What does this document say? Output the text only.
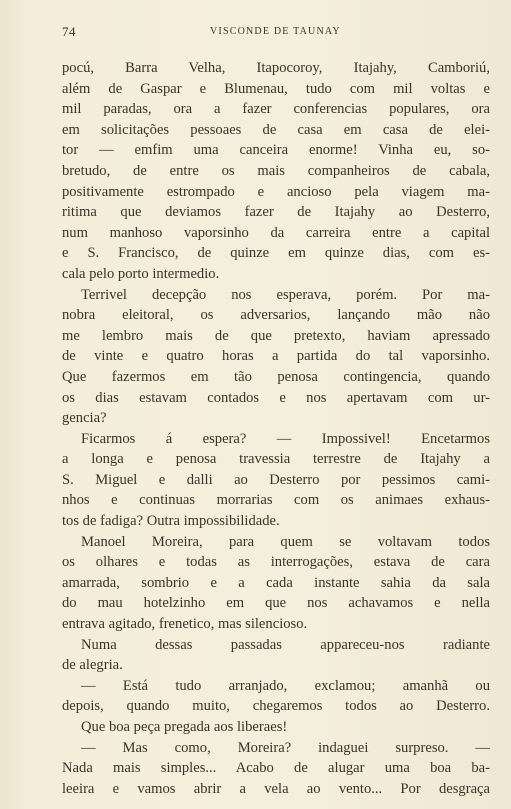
74	VISCONDE DE TAUNAY
pocú, Barra Velha, Itapocoroy, Itajahy, Camboriú,
além de Gaspar e Blumenau, tudo com mil voltas e
mil paradas, ora a fazer conferencias populares, ora
em solicitações pessoaes de casa em casa de elei-
tor — emfim uma canceira enorme! Vinha eu, so-
bretudo, de entre os mais companheiros de cabala,
positivamente estrompado e ancioso pela viagem ma-
ritima que deviamos fazer de Itajahy ao Desterro,
num manhoso vaporsinho da carreira entre a capital
e S. Francisco, de quinze em quinze dias, com es-
cala pelo porto intermedio.
Terrivel decepção nos esperava, porém. Por ma-
nobra eleitoral, os adversarios, lançando mão não
me lembro mais de que pretexto, haviam apressado
de vinte e quatro horas a partida do tal vaporsinho.
Que fazermos em tão penosa contingencia, quando
os dias estavam contados e nos apertavam com ur-
gencia?
Ficarmos á espera? — Impossivel! Encetarmos
a longa e penosa travessia terrestre de Itajahy a
S. Miguel e dalli ao Desterro por pessimos cami-
nhos e continuas morrarias com os animaes exhaus-
tos de fadiga? Outra impossibilidade.
Manoel Moreira, para quem se voltavam todos
os olhares e todas as interrogações, estava de cara
amarrada, sombrio e a cada instante sahia da sala
do mau hotelzinho em que nos achavamos e nella
entrava agitado, frenetico, mas silencioso.
Numa dessas passadas appareceu-nos radiante
de alegria.
— Está tudo arranjado, exclamou; amanhã ou
depois, quando muito, chegaremos todos ao Desterro.
Que boa peça pregada aos liberaes!
— Mas como, Moreira? indaguei surpreso. —
Nada mais simples... Acabo de alugar uma boa ba-
leeira e vamos abrir a vela ao vento... Por desgraça
